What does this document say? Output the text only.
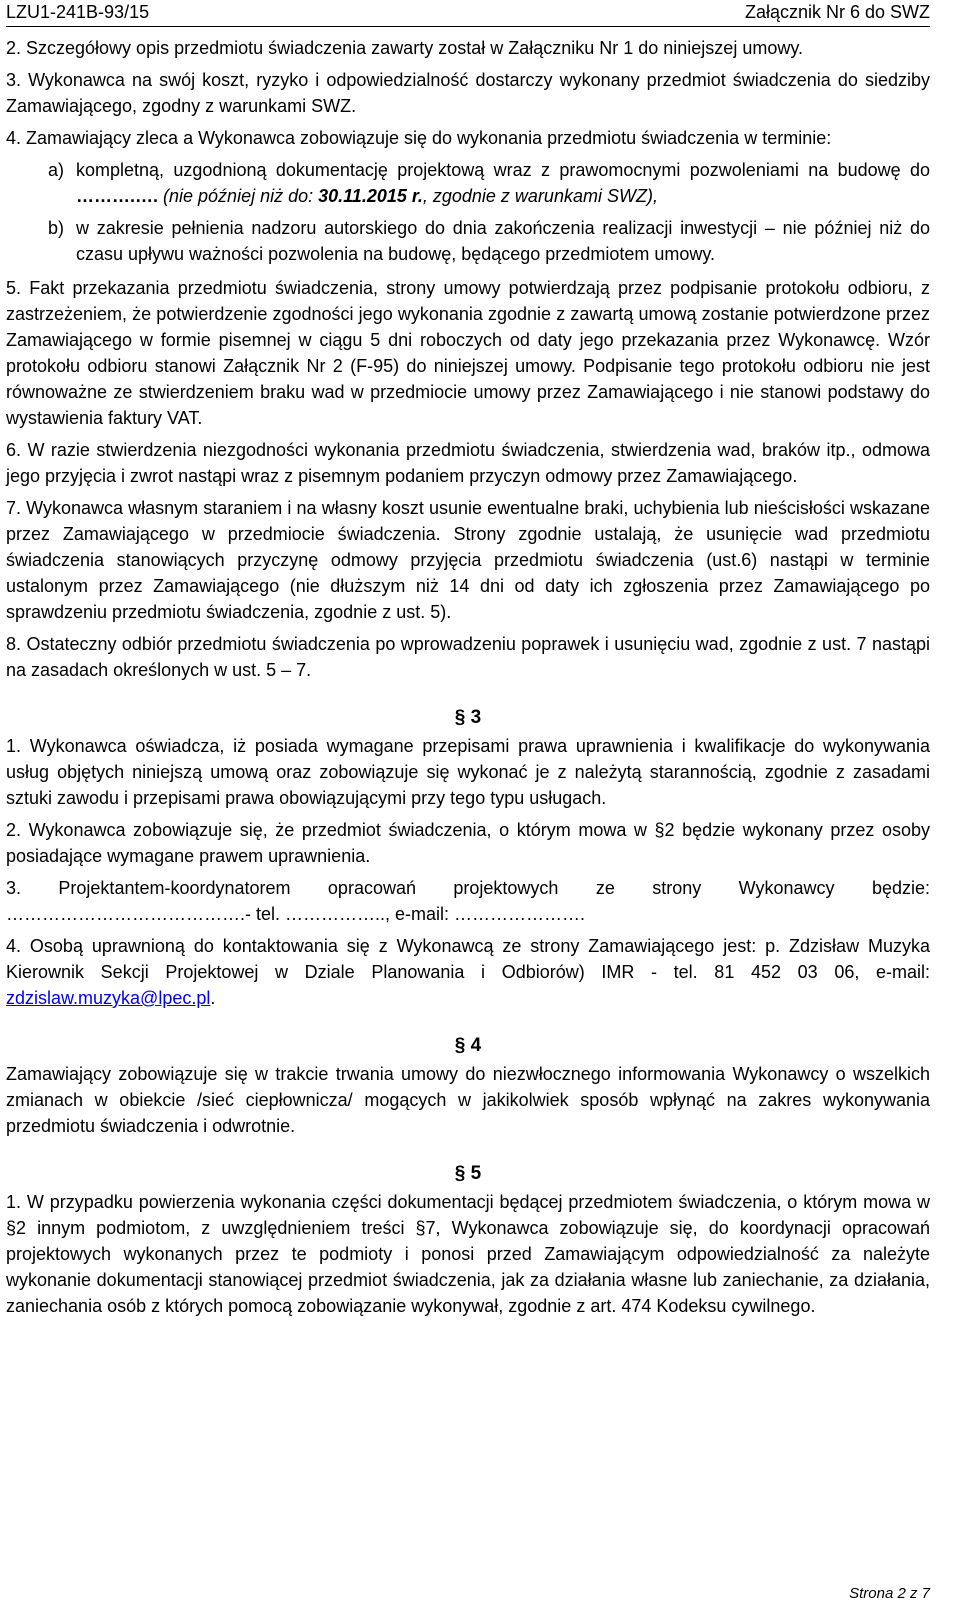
LZU1-241B-93/15	Załącznik Nr 6 do SWZ

2. Szczegółowy opis przedmiotu świadczenia zawarty został w Załączniku Nr 1 do niniejszej umowy.

3. Wykonawca na swój koszt, ryzyko i odpowiedzialność dostarczy wykonany przedmiot świadczenia do siedziby Zamawiającego, zgodny z warunkami SWZ.

4. Zamawiający zleca a Wykonawca zobowiązuje się do wykonania przedmiotu świadczenia w terminie:

a) kompletną, uzgodnioną dokumentację projektową wraz z prawomocnymi pozwoleniami na budowę do ……….…. (nie później niż do: 30.11.2015 r., zgodnie z warunkami SWZ),
b) w zakresie pełnienia nadzoru autorskiego do dnia zakończenia realizacji inwestycji – nie później niż do czasu upływu ważności pozwolenia na budowę, będącego przedmiotem umowy.

5. Fakt przekazania przedmiotu świadczenia, strony umowy potwierdzają przez podpisanie protokołu odbioru, z zastrzeżeniem, że potwierdzenie zgodności jego wykonania zgodnie z zawartą umową zostanie potwierdzone przez Zamawiającego w formie pisemnej w ciągu 5 dni roboczych od daty jego przekazania przez Wykonawcę. Wzór protokołu odbioru stanowi Załącznik Nr 2 (F-95) do niniejszej umowy. Podpisanie tego protokołu odbioru nie jest równoważne ze stwierdzeniem braku wad w przedmiocie umowy przez Zamawiającego i nie stanowi podstawy do wystawienia faktury VAT.

6. W razie stwierdzenia niezgodności wykonania przedmiotu świadczenia, stwierdzenia wad, braków itp., odmowa jego przyjęcia i zwrot nastąpi wraz z pisemnym podaniem przyczyn odmowy przez Zamawiającego.

7. Wykonawca własnym staraniem i na własny koszt usunie ewentualne braki, uchybienia lub nieścisłości wskazane przez Zamawiającego w przedmiocie świadczenia. Strony zgodnie ustalają, że usunięcie wad przedmiotu świadczenia stanowiących przyczynę odmowy przyjęcia przedmiotu świadczenia (ust.6) nastąpi w terminie ustalonym przez Zamawiającego (nie dłuższym niż 14 dni od daty ich zgłoszenia przez Zamawiającego po sprawdzeniu przedmiotu świadczenia, zgodnie z ust. 5).

8. Ostateczny odbiór przedmiotu świadczenia po wprowadzeniu poprawek i usunięciu wad, zgodnie z ust. 7 nastąpi na zasadach określonych w ust. 5 – 7.

§ 3

1. Wykonawca oświadcza, iż posiada wymagane przepisami prawa uprawnienia i kwalifikacje do wykonywania usług objętych niniejszą umową oraz zobowiązuje się wykonać je z należytą starannością, zgodnie z zasadami sztuki zawodu i przepisami prawa obowiązującymi przy tego typu usługach.

2. Wykonawca zobowiązuje się, że przedmiot świadczenia, o którym mowa w §2 będzie wykonany przez osoby posiadające wymagane prawem uprawnienia.

3. Projektantem-koordynatorem opracowań projektowych ze strony Wykonawcy będzie: ………………………………….- tel. …………….., e-mail: ………………….

4. Osobą uprawnioną do kontaktowania się z Wykonawcą ze strony Zamawiającego jest: p. Zdzisław Muzyka Kierownik Sekcji Projektowej w Dziale Planowania i Odbiorów) IMR - tel. 81 452 03 06, e-mail: zdzislaw.muzyka@lpec.pl.

§ 4

Zamawiający zobowiązuje się w trakcie trwania umowy do niezwłocznego informowania Wykonawcy o wszelkich zmianach w obiekcie /sieć ciepłownicza/ mogących w jakikolwiek sposób wpłynąć na zakres wykonywania przedmiotu świadczenia i odwrotnie.

§ 5

1. W przypadku powierzenia wykonania części dokumentacji będącej przedmiotem świadczenia, o którym mowa w §2 innym podmiotom, z uwzględnieniem treści §7, Wykonawca zobowiązuje się, do koordynacji opracowań projektowych wykonanych przez te podmioty i ponosi przed Zamawiającym odpowiedzialność za należyte wykonanie dokumentacji stanowiącej przedmiot świadczenia, jak za działania własne lub zaniechanie, za działania, zaniechania osób z których pomocą zobowiązanie wykonywał, zgodnie z art. 474 Kodeksu cywilnego.

Strona 2 z 7
